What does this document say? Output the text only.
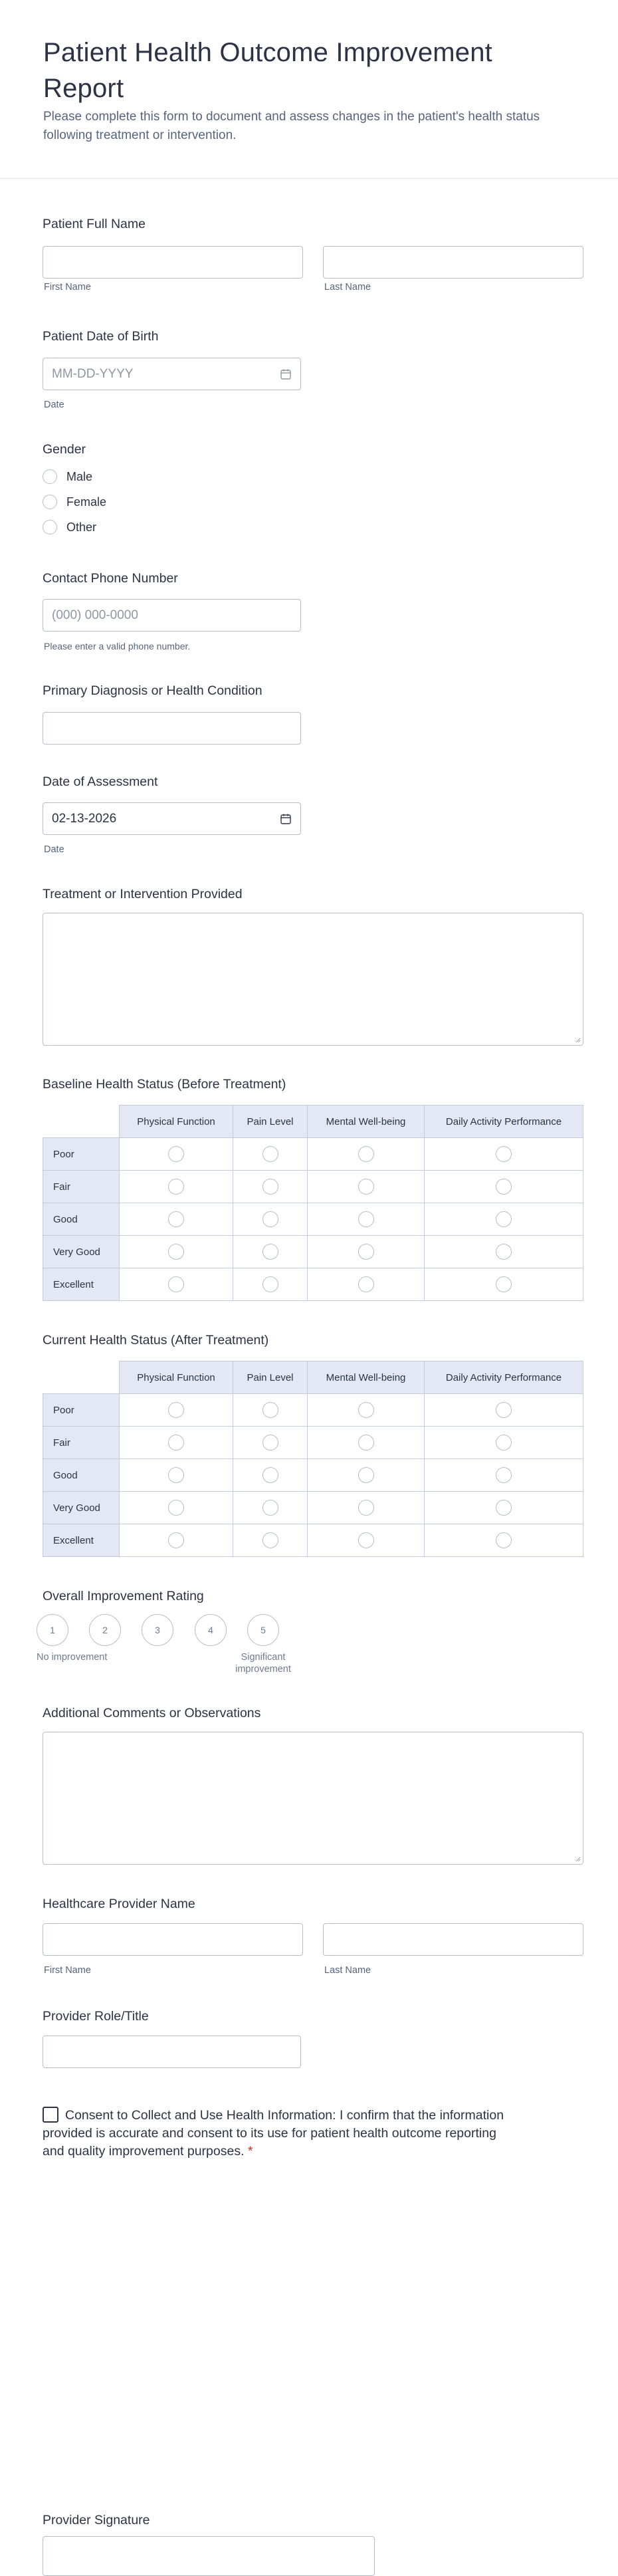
Patient Health Outcome Improvement Report

Please complete this form to document and assess changes in the patient's health status following treatment or intervention.

Patient Full Name
First Name	Last Name
Patient Date of Birth
MM-DD-YYYY
Date
Gender
Male
Female
Other
Contact Phone Number
(000) 000-0000
Please enter a valid phone number.
Primary Diagnosis or Health Condition
Date of Assessment
02-13-2026
Date
Treatment or Intervention Provided
Baseline Health Status (Before Treatment)
	Physical Function	Pain Level	Mental Well-being	Daily Activity Performance
Poor				
Fair				
Good				
Very Good				
Excellent				
Current Health Status (After Treatment)
	Physical Function	Pain Level	Mental Well-being	Daily Activity Performance
Poor				
Fair				
Good				
Very Good				
Excellent				
Overall Improvement Rating
1	2	3	4	5
No improvement	Significant improvement
Additional Comments or Observations
Healthcare Provider Name
First Name	Last Name
Provider Role/Title

Consent to Collect and Use Health Information: I confirm that the information provided is accurate and consent to its use for patient health outcome reporting and quality improvement purposes. *

Provider Signature
